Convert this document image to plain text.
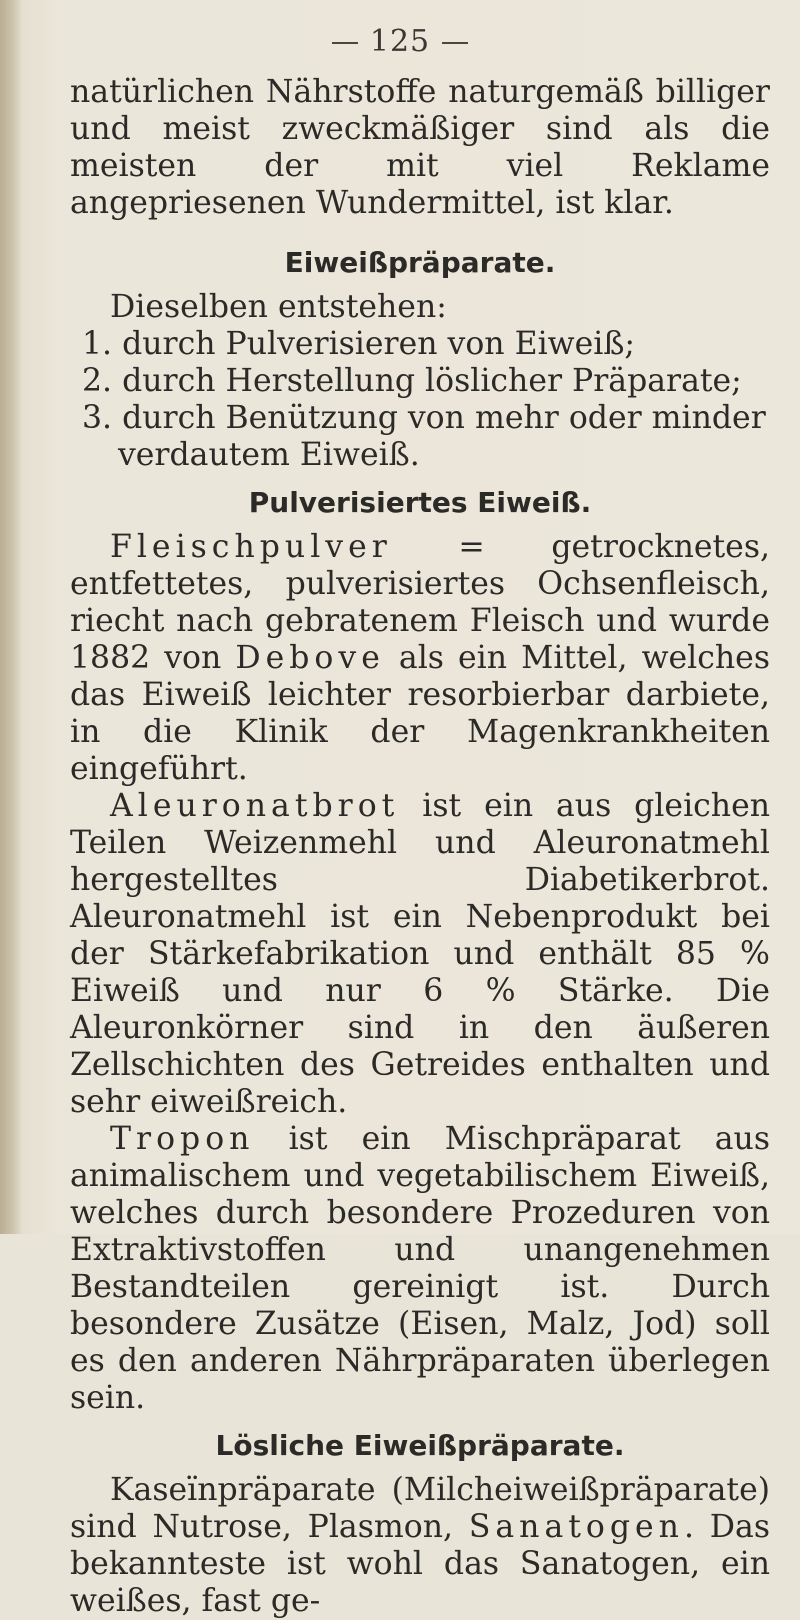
125

natürlichen Nährstoffe naturgemäß billiger und meist zweckmäßiger sind als die meisten der mit viel Reklame angepriesenen Wundermittel, ist klar.

Eiweißpräparate.

Dieselben entstehen:

1. durch Pulverisieren von Eiweiß;
2. durch Herstellung löslicher Präparate;
3. durch Benützung von mehr oder minder verdautem Eiweiß.
Pulverisiertes Eiweiß.

Fleischpulver = getrocknetes, entfettetes, pulverisiertes Ochsenfleisch, riecht nach gebratenem Fleisch und wurde 1882 von Debove als ein Mittel, welches das Eiweiß leichter resorbierbar darbiete, in die Klinik der Magenkrankheiten eingeführt.

Aleuronatbrot ist ein aus gleichen Teilen Weizenmehl und Aleuronatmehl hergestelltes Diabetikerbrot. Aleuronatmehl ist ein Nebenprodukt bei der Stärkefabrikation und enthält 85 % Eiweiß und nur 6 % Stärke. Die Aleuronkörner sind in den äußeren Zellschichten des Getreides enthalten und sehr eiweißreich.

Tropon ist ein Mischpräparat aus animalischem und vegetabilischem Eiweiß, welches durch besondere Prozeduren von Extraktivstoffen und unangenehmen Bestandteilen gereinigt ist. Durch besondere Zusätze (Eisen, Malz, Jod) soll es den anderen Nährpräparaten überlegen sein.

Lösliche Eiweißpräparate.

Kaseïnpräparate (Milcheiweißpräparate) sind Nutrose, Plasmon, Sanatogen. Das bekannteste ist wohl das Sanatogen, ein weißes, fast ge-
